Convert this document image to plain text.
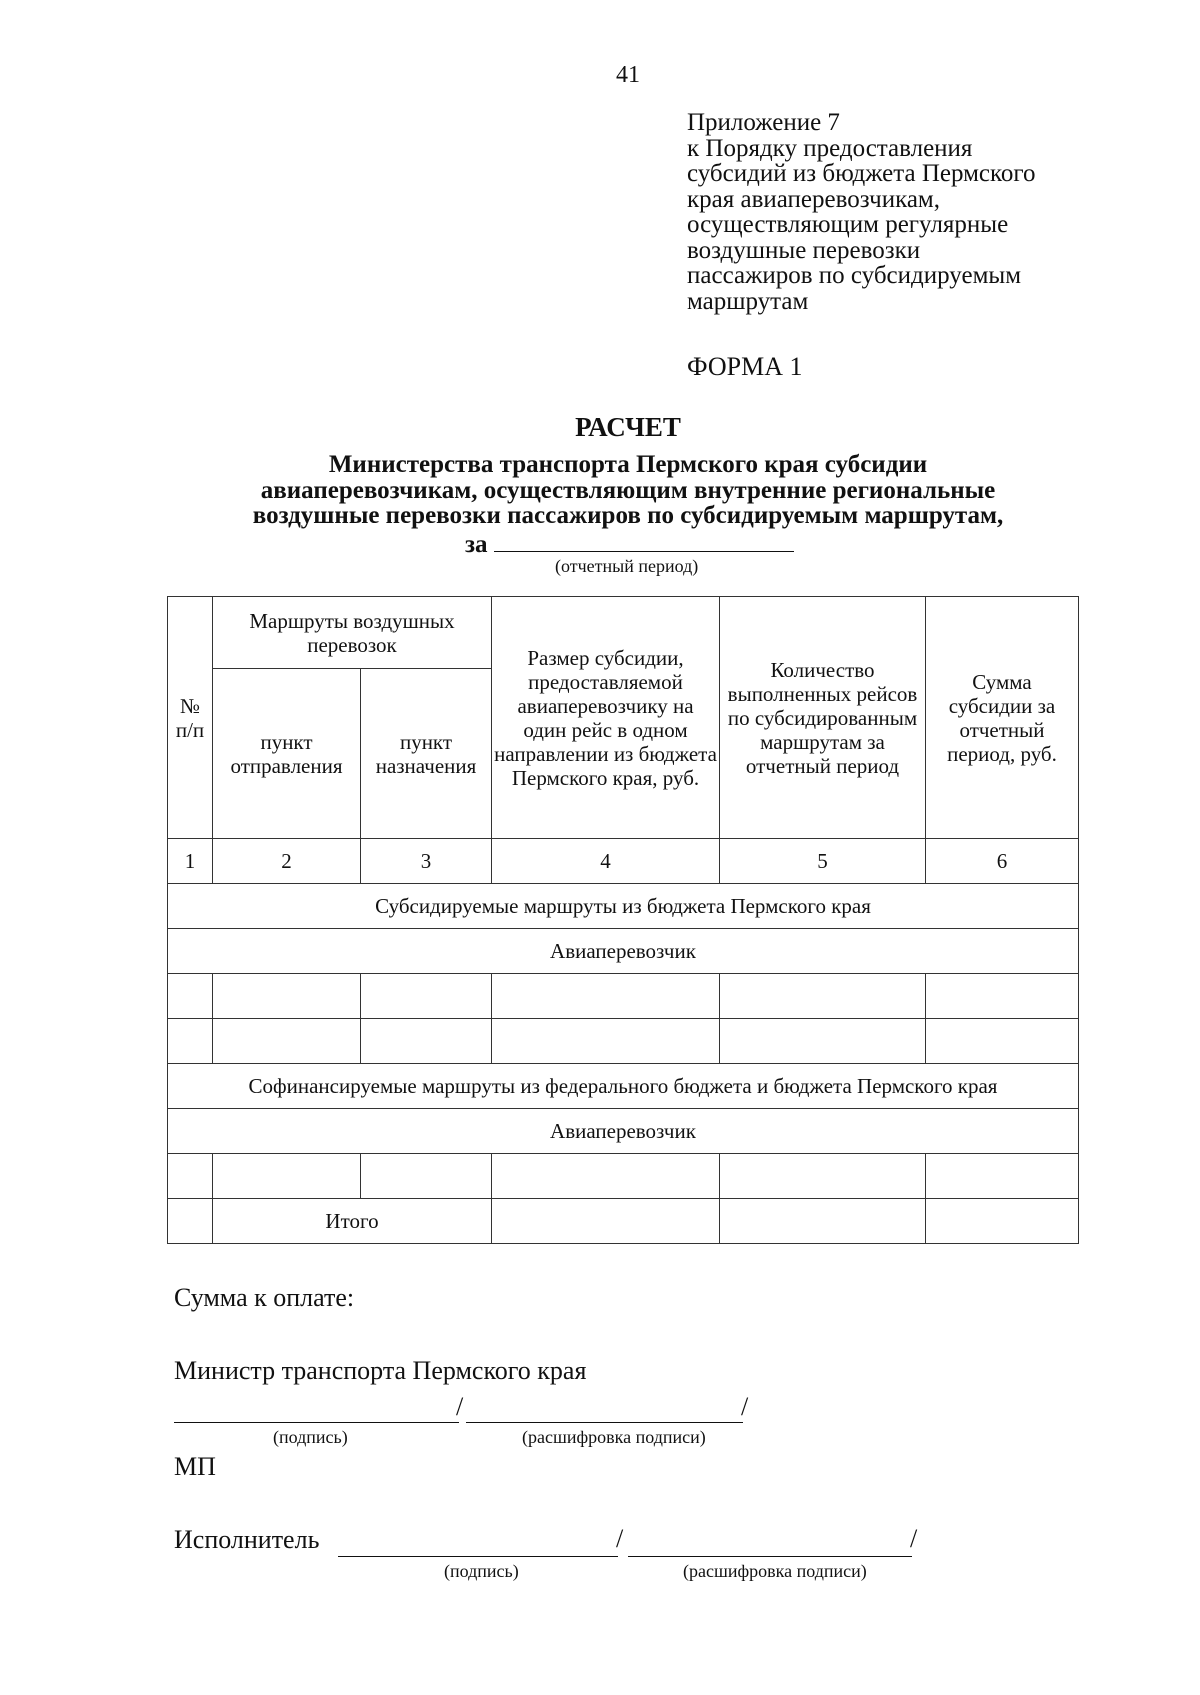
41
Приложение 7
к Порядку предоставления
субсидий из бюджета Пермского
края авиаперевозчикам,
осуществляющим регулярные
воздушные перевозки
пассажиров по субсидируемым
маршрутам
ФОРМА 1
РАСЧЕТ
Министерства транспорта Пермского края субсидии
авиаперевозчикам, осуществляющим внутренние региональные
воздушные перевозки пассажиров по субсидируемым маршрутам,
за
(отчетный период)
№ п/п	Маршруты воздушных перевозок		Размер субсидии, предоставляемой авиаперевозчику на один рейс в одном направлении из бюджета Пермского края, руб.	Количество выполненных рейсов по субсидированным маршрутам за отчетный период	Сумма субсидии за отчетный период, руб.
	пункт отправления	пункт назначения			
1	2	3	4	5	6
Субсидируемые маршруты из бюджета Пермского края					
Авиаперевозчик					

Софинансируемые маршруты из федерального бюджета и бюджета Пермского края					
Авиаперевозчик					

	Итого				
Сумма к оплате:
Министр транспорта Пермского края
/	/
(подпись)	(расшифровка подписи)
МП
Исполнитель	/	/
(подпись)	(расшифровка подписи)
